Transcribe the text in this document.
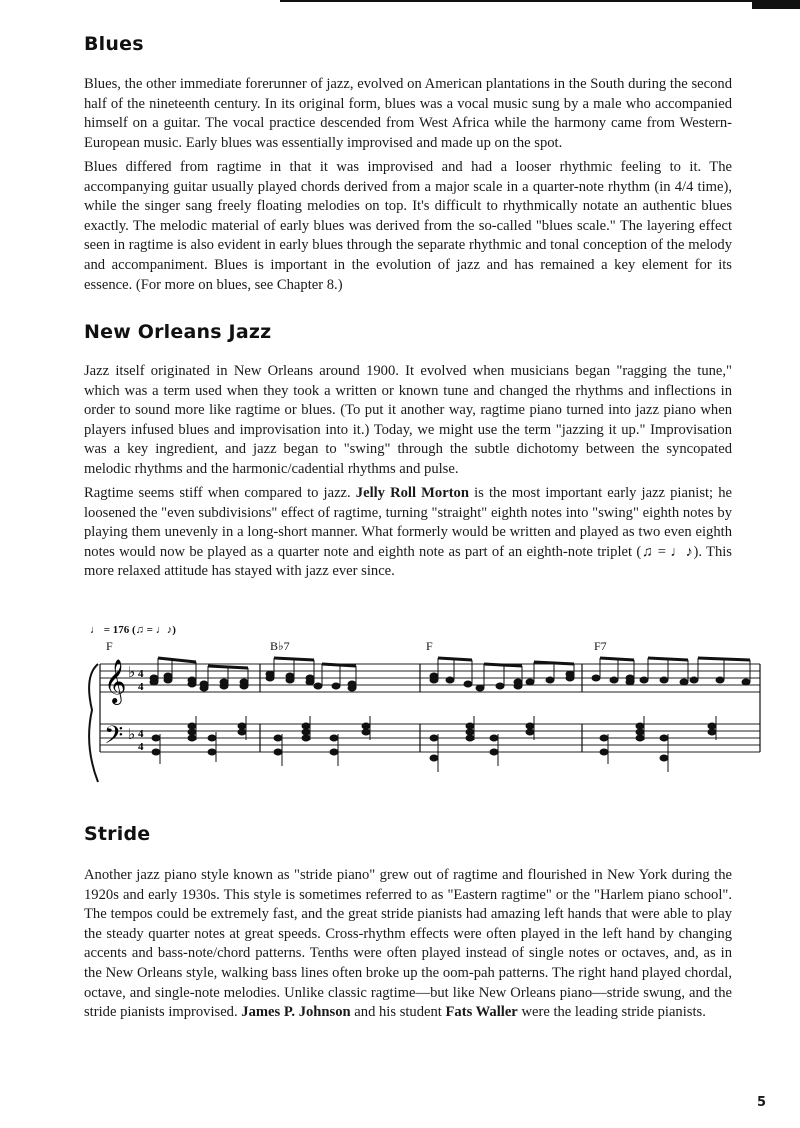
Blues

Blues, the other immediate forerunner of jazz, evolved on American plantations in the South during the second half of the nineteenth century. In its original form, blues was a vocal music sung by a male who accompanied himself on a guitar. The vocal practice descended from West Africa while the harmony came from Western-European music. Early blues was essentially improvised and made up on the spot.

Blues differed from ragtime in that it was improvised and had a looser rhythmic feeling to it. The accompanying guitar usually played chords derived from a major scale in a quarter-note rhythm (in 4/4 time), while the singer sang freely floating melodies on top. It's difficult to rhythmically notate an authentic blues exactly. The melodic material of early blues was derived from the so-called "blues scale." The layering effect seen in ragtime is also evident in early blues through the separate rhythmic and tonal conception of the melody and accompaniment. Blues is important in the evolution of jazz and has remained a key element for its essence. (For more on blues, see Chapter 8.)

New Orleans Jazz

Jazz itself originated in New Orleans around 1900. It evolved when musicians began "ragging the tune," which was a term used when they took a written or known tune and changed the rhythms and inflections in order to sound more like ragtime or blues. (To put it another way, ragtime piano turned into jazz piano when players infused blues and improvisation into it.) Today, we might use the term "jazzing it up." Improvisation was a key ingredient, and jazz began to "swing" through the subtle dichotomy between the syncopated melodic rhythms and the harmonic/cadential rhythms and pulse.

Ragtime seems stiff when compared to jazz. Jelly Roll Morton is the most important early jazz pianist; he loosened the "even subdivisions" effect of ragtime, turning "straight" eighth notes into "swing" eighth notes by playing them unevenly in a long-short manner. What formerly would be written and played as two even eighth notes would now be played as a quarter note and eighth note as part of an eighth-note triplet (♫ = ♩♪). This more relaxed attitude has stayed with jazz ever since.

♩ = 176 (♫ = ♩♪)
F	B♭7	F	F7
𝄞
𝄢
♭
♭
4
4
4
4
Stride

Another jazz piano style known as "stride piano" grew out of ragtime and flourished in New York during the 1920s and early 1930s. This style is sometimes referred to as "Eastern ragtime" or the "Harlem piano school". The tempos could be extremely fast, and the great stride pianists had amazing left hands that were able to play the steady quarter notes at great speeds. Cross-rhythm effects were often played in the left hand by changing accents and bass-note/chord patterns. Tenths were often played instead of single notes or octaves, and, as in the New Orleans style, walking bass lines often broke up the oom-pah patterns. The right hand played chordal, octave, and single-note melodies. Unlike classic ragtime—but like New Orleans piano—stride swung, and the stride pianists improvised. James P. Johnson and his student Fats Waller were the leading stride pianists.

5
